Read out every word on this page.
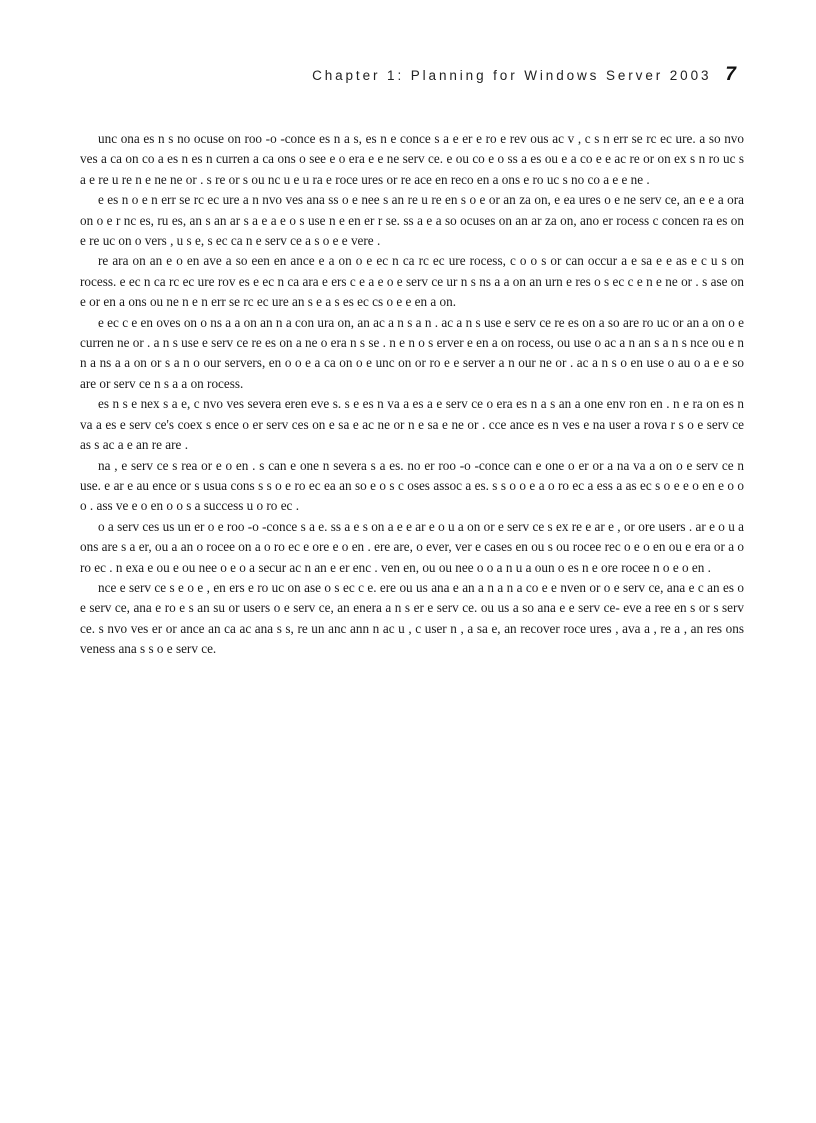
Chapter 1: Planning for Windows Server 2003 7

unc ona es n s no ocuse on roo -o -conce es n a s, es n e conce s a e er e ro e rev ous ac v , c s n err se rc ec ure. a so nvo ves a ca on co a es n es n curren a ca ons o see e o era e e ne serv ce. e ou co e o ss a es ou e a co e e ac re or on ex s n ro uc s a e re u re n e ne ne or . s re or s ou nc u e u ra e roce ures or re ace en reco en a ons e ro uc s no co a e e ne .

e es n o e n err se rc ec ure a n nvo ves ana ss o e nee s an re u re en s o e or an za on, e ea ures o e ne serv ce, an e e a ora on o e r nc es, ru es, an s an ar s a e a e o s use n e en er r se. ss a e a so ocuses on an ar za on, ano er rocess c concen ra es on e re uc on o vers , u s e, s ec ca n e serv ce a s o e e vere .

re ara on an e o en ave a so een en ance e a on o e ec n ca rc ec ure rocess, c o o s or can occur a e sa e e as e c u s on rocess. e ec n ca rc ec ure rov es e ec n ca ara e ers c e a e o e serv ce ur n s ns a a on an urn e res o s ec c e n e ne or . s ase on e or en a ons ou ne n e n err se rc ec ure an s e a s es ec cs o e e en a on.

e ec c e en oves on o ns a a on an n a con ura on, an ac a n s a n . ac a n s use e serv ce re es on a so are ro uc or an a on o e curren ne or . a n s use e serv ce re es on a ne o era n s se . n e n o s erver e en a on rocess, ou use o ac a n an s a n s nce ou e n n a ns a a on or s a n o our servers, en o o e a ca on o e unc on or ro e e server a n our ne or . ac a n s o en use o au o a e e so are or serv ce n s a a on rocess.

es n s e nex s a e, c nvo ves severa eren eve s. s e es n va a es a e serv ce o era es n a s an a one env ron en . n e ra on es n va a es e serv ce's coex s ence o er serv ces on e sa e ac ne or n e sa e ne or . cce ance es n ves e na user a rova r s o e serv ce as s ac a e an re are .

na , e serv ce s rea or e o en . s can e one n severa s a es. no er roo -o -conce can e one o er or a na va a on o e serv ce n use. e ar e au ence or s usua cons s s o e ro ec ea an so e o s c oses assoc a es. s s o o e a o ro ec a ess a as ec s o e e o en e o o o . ass ve e o en o o s a success u o ro ec .

o a serv ces us un er o e roo -o -conce s a e. ss a e s on a e e ar e o u a on or e serv ce s ex re e ar e , or ore users . ar e o u a ons are s a er, ou a an o rocee on a o ro ec e ore e o en . ere are, o ever, ver e cases en ou s ou rocee rec o e o en ou e era or a o ro ec . n exa e ou e ou nee o e o a secur ac n an e er enc . ven en, ou ou nee o o a n u a oun o es n e ore rocee n o e o en .

nce e serv ce s e o e , en ers e ro uc on ase o s ec c e. ere ou us ana e an a n a n a co e e nven or o e serv ce, ana e c an es o e serv ce, ana e ro e s an su or users o e serv ce, an enera a n s er e serv ce. ou us a so ana e e serv ce- eve a ree en s or s serv ce. s nvo ves er or ance an ca ac ana s s, re un anc ann n ac u , c user n , a sa e, an recover roce ures , ava a , re a , an res ons veness ana s s o e serv ce.
